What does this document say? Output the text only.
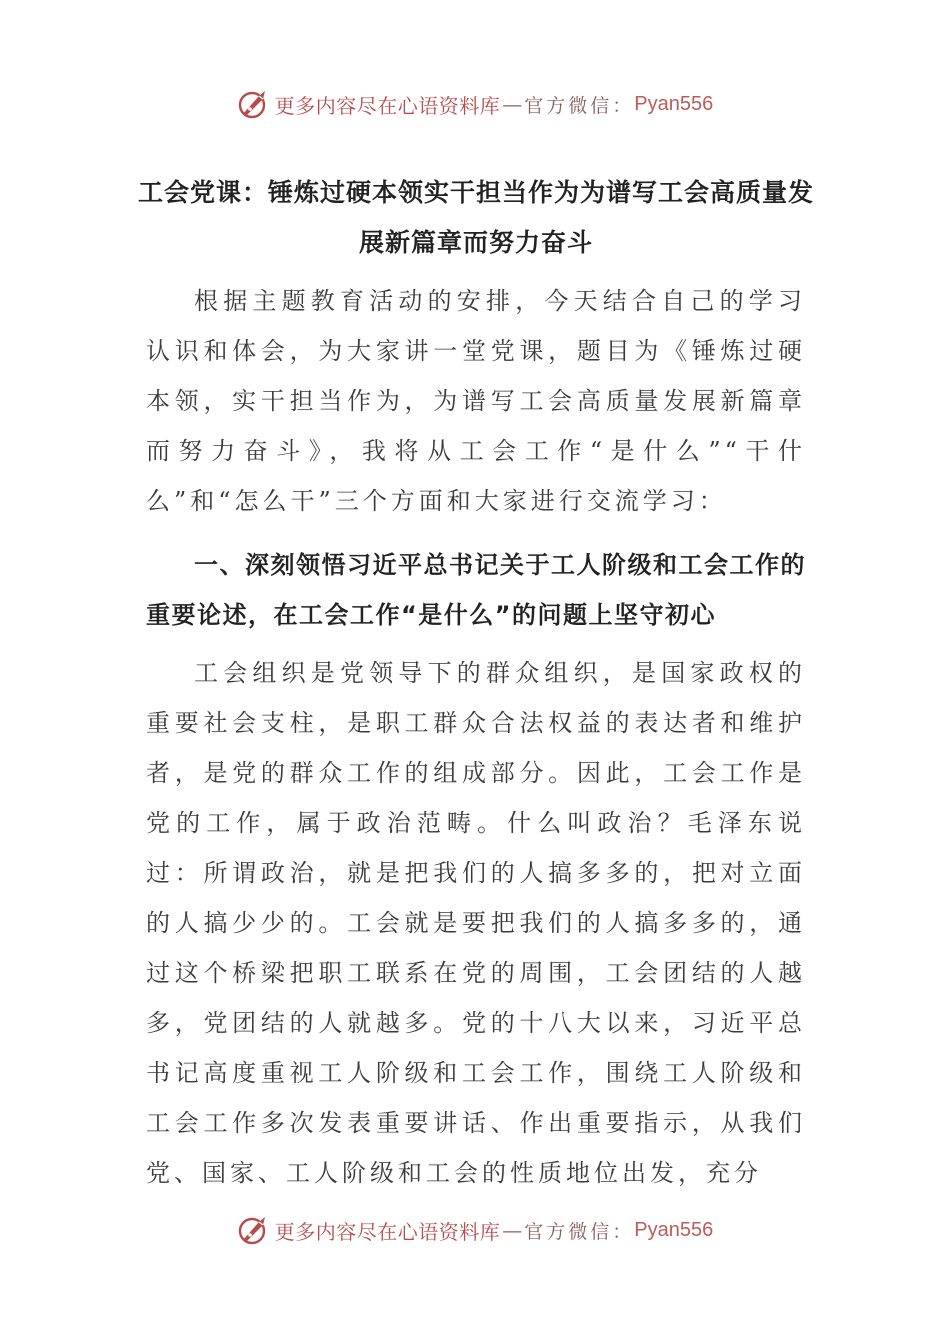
更多内容尽在心语资料库 — 官方微信： Pyan556
工会党课：锤炼过硬本领实干担当作为为谱写工会高质量发展新篇章而努力奋斗

根据主题教育活动的安排，今天结合自己的学习认识和体会，为大家讲一堂党课，题目为《锤炼过硬本领，实干担当作为，为谱写工会高质量发展新篇章而努力奋斗》，我将从工会工作“是什么”“干什么”和“怎么干”三个方面和大家进行交流学习：

一、深刻领悟习近平总书记关于工人阶级和工会工作的重要论述，在工会工作“是什么”的问题上坚守初心

工会组织是党领导下的群众组织，是国家政权的重要社会支柱，是职工群众合法权益的表达者和维护者，是党的群众工作的组成部分。因此，工会工作是党的工作，属于政治范畴。什么叫政治？毛泽东说过：所谓政治，就是把我们的人搞多多的，把对立面的人搞少少的。工会就是要把我们的人搞多多的，通过这个桥梁把职工联系在党的周围，工会团结的人越多，党团结的人就越多。党的十八大以来，习近平总书记高度重视工人阶级和工会工作，围绕工人阶级和工会工作多次发表重要讲话、作出重要指示，从我们党、国家、工人阶级和工会的性质地位出发，充分

更多内容尽在心语资料库 — 官方微信： Pyan556
